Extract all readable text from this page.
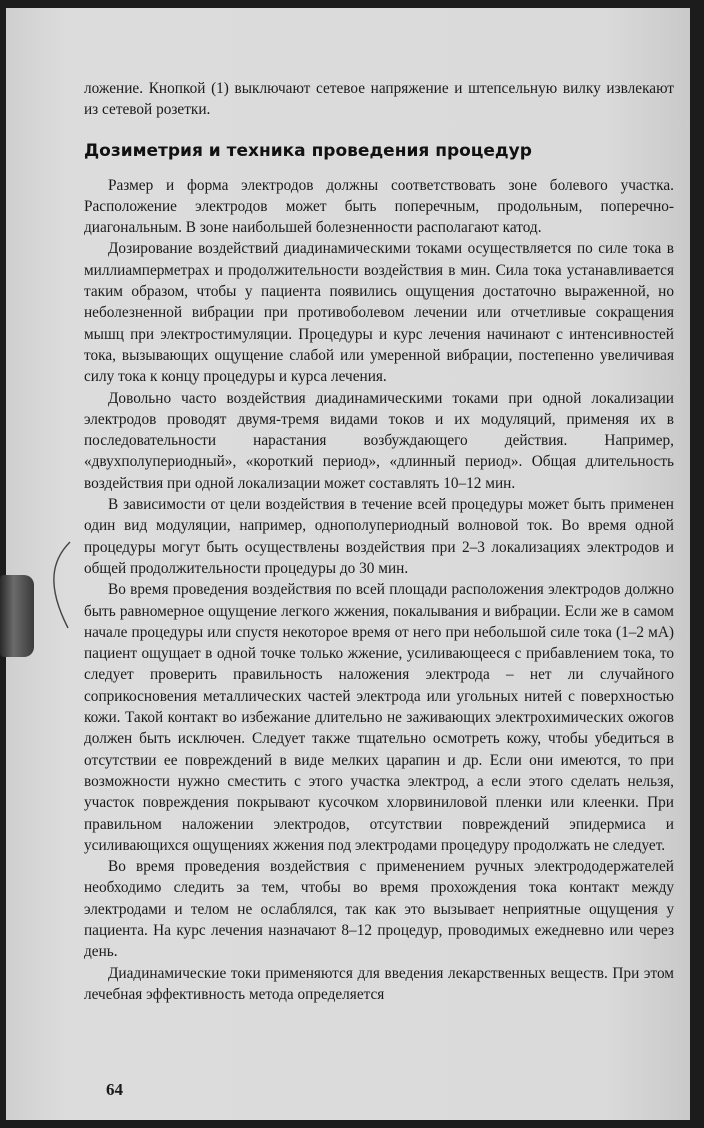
ложение. Кнопкой (1) выключают сетевое напряжение и штепсельную вилку извлекают из сетевой розетки.

Дозиметрия и техника проведения процедур

Размер и форма электродов должны соответствовать зоне болевого участка. Расположение электродов может быть поперечным, продольным, поперечно-диагональным. В зоне наибольшей болезненности располагают катод.

Дозирование воздействий диадинамическими токами осуществляется по силе тока в миллиамперметрах и продолжительности воздействия в мин. Сила тока устанавливается таким образом, чтобы у пациента появились ощущения достаточно выраженной, но неболезненной вибрации при противоболевом лечении или отчетливые сокращения мышц при электростимуляции. Процедуры и курс лечения начинают с интенсивностей тока, вызывающих ощущение слабой или умеренной вибрации, постепенно увеличивая силу тока к концу процедуры и курса лечения.

Довольно часто воздействия диадинамическими токами при одной локализации электродов проводят двумя-тремя видами токов и их модуляций, применяя их в последовательности нарастания возбуждающего действия. Например, «двухполупериодный», «короткий период», «длинный период». Общая длительность воздействия при одной локализации может составлять 10–12 мин.

В зависимости от цели воздействия в течение всей процедуры может быть применен один вид модуляции, например, однополупериодный волновой ток. Во время одной процедуры могут быть осуществлены воздействия при 2–3 локализациях электродов и общей продолжительности процедуры до 30 мин.

Во время проведения воздействия по всей площади расположения электродов должно быть равномерное ощущение легкого жжения, покалывания и вибрации. Если же в самом начале процедуры или спустя некоторое время от него при небольшой силе тока (1–2 мА) пациент ощущает в одной точке только жжение, усиливающееся с прибавлением тока, то следует проверить правильность наложения электрода – нет ли случайного соприкосновения металлических частей электрода или угольных нитей с поверхностью кожи. Такой контакт во избежание длительно не заживающих электрохимических ожогов должен быть исключен. Следует также тщательно осмотреть кожу, чтобы убедиться в отсутствии ее повреждений в виде мелких царапин и др. Если они имеются, то при возможности нужно сместить с этого участка электрод, а если этого сделать нельзя, участок повреждения покрывают кусочком хлорвиниловой пленки или клеенки. При правильном наложении электродов, отсутствии повреждений эпидермиса и усиливающихся ощущениях жжения под электродами процедуру продолжать не следует.

Во время проведения воздействия с применением ручных электрододержателей необходимо следить за тем, чтобы во время прохождения тока контакт между электродами и телом не ослаблялся, так как это вызывает неприятные ощущения у пациента. На курс лечения назначают 8–12 процедур, проводимых ежедневно или через день.

Диадинамические токи применяются для введения лекарственных веществ. При этом лечебная эффективность метода определяется

64
